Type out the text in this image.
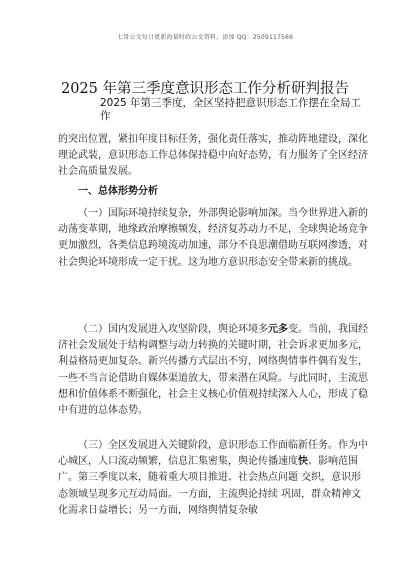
七哥公文每日更新海量时政公文资料，添加 QQ：2509117569
2025 年第三季度意识形态工作分析研判报告
2025 年第三季度，全区坚持把意识形态工作摆在全局工作

的突出位置，紧扣年度目标任务，强化责任落实，推动阵地建设，深化理论武装，意识形态工作总体保持稳中向好态势，有力服务了全区经济社会高质量发展。

一、总体形势分析

（一）国际环境持续复杂，外部舆论影响加深。当今世界进入新的动荡变革期，地缘政治摩擦频发，经济复苏动力不足，全球舆论场竞争更加激烈，各类信息跨境流动加速，部分不良思潮借助互联网渗透，对社会舆论环境形成一定干扰。这为地方意识形态安全带来新的挑战。

（二）国内发展进入攻坚阶段，舆论环境多元多变。当前，我国经济社会发展处于结构调整与动力转换的关键时期，社会诉求更加多元，利益格局更加复杂。新兴传播方式层出不穷，网络舆情事件偶有发生，一些不当言论借助自媒体渠道放大，带来潜在风险。与此同时，主流思想和价值体系不断强化，社会主义核心价值观持续深入人心，形成了稳中有进的总体态势。

（三）全区发展进入关键阶段，意识形态工作面临新任务。作为中心城区，人口流动频繁，信息汇集密集，舆论传播速度快、影响范围广。第三季度以来，随着重大项目推进、社会热点问题 交织，意识形态领域呈现多元互动局面。一方面，主流舆论持续 巩固，群众精神文化需求日益增长；另一方面，网络舆情复杂敏
